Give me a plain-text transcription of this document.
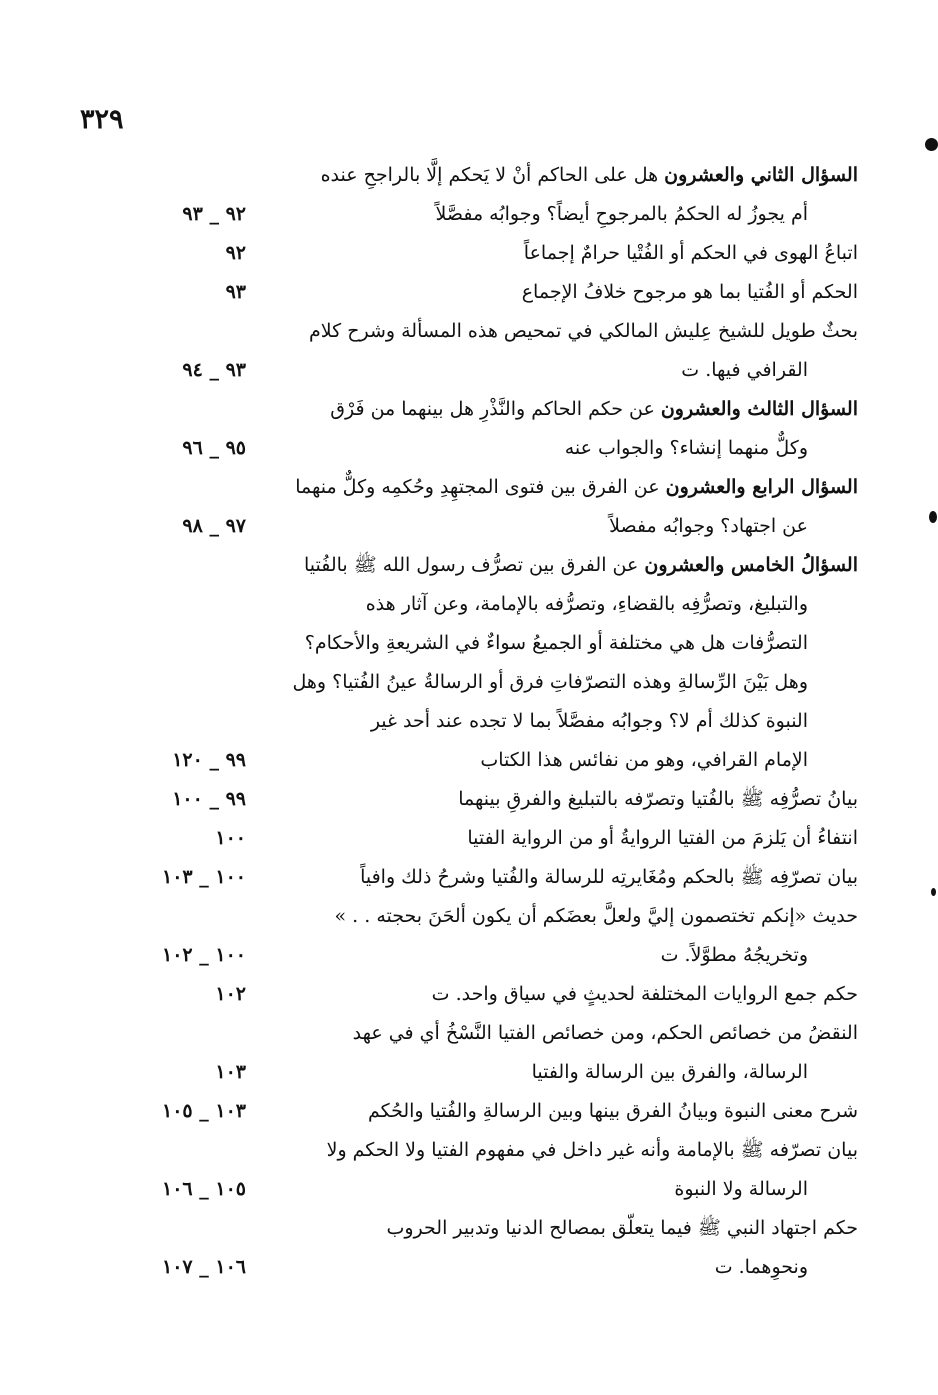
٣٢٩
السؤال الثاني والعشرون هل على الحاكم أنْ لا يَحكم إلَّا بالراجحِ عنده
أم يجوزُ له الحكمُ بالمرجوحِ أيضاً؟ وجوابُه مفصَّلاً
٩٢ _ ٩٣
اتباعُ الهوى في الحكم أو الفُتْيا حرامٌ إجماعاً
٩٢
الحكم أو الفُتيا بما هو مرجوح خلافُ الإجماع
٩٣
بحثٌ طويل للشيخ عِليش المالكي في تمحيص هذه المسألة وشرح كلام
القرافي فيها. ت
٩٣ _ ٩٤
السؤال الثالث والعشرون عن حكم الحاكم والنَّذْرِ هل بينهما من فَرْق
وكلٌّ منهما إنشاء؟ والجواب عنه
٩٥ _ ٩٦
السؤال الرابع والعشرون عن الفرق بين فتوى المجتهِدِ وحُكمِه وكلٌّ منهما
عن اجتهاد؟ وجوابُه مفصلاً
٩٧ _ ٩٨
السؤالُ الخامس والعشرون عن الفرق بين تصرُّف رسول الله ﷺ بالفُتيا
والتبليغ، وتصرُّفِه بالقضاءِ، وتصرُّفه بالإمامة، وعن آثار هذه
التصرُّفات هل هي مختلفة أو الجميعُ سواءٌ في الشريعةِ والأحكام؟
وهل بَيْنَ الرِّسالةِ وهذه التصرّفاتِ فرق أو الرسالةُ عينُ الفُتيا؟ وهل
النبوة كذلك أم لا؟ وجوابُه مفصَّلاً بما لا تجده عند أحد غير
الإمام القرافي، وهو من نفائس هذا الكتاب
٩٩ _ ١٢٠
بيانُ تصرُّفِه ﷺ بالفُتيا وتصرّفه بالتبليغ والفرقِ بينهما
٩٩ _ ١٠٠
انتفاءُ أن يَلزمَ من الفتيا الروايةُ أو من الرواية الفتيا
١٠٠
بيان تصرّفِه ﷺ بالحكم ومُغَايرتِه للرسالة والفُتيا وشرحُ ذلك وافياً
١٠٠ _ ١٠٣
حديث «إنكم تختصمون إليَّ ولعلَّ بعضَكم أن يكون ألحَنَ بحجته . . »
وتخريجُهُ مطوَّلاً. ت
١٠٠ _ ١٠٢
حكم جمع الروايات المختلفة لحديثٍ في سياق واحد. ت
١٠٢
النقضُ من خصائص الحكم، ومن خصائص الفتيا النَّسْخُ أي في عهد
الرسالة، والفرق بين الرسالة والفتيا
١٠٣
شرح معنى النبوة وبيانُ الفرق بينها وبين الرسالةِ والفُتيا والحُكم
١٠٣ _ ١٠٥
بيان تصرّفه ﷺ بالإمامة وأنه غير داخل في مفهوم الفتيا ولا الحكم ولا
الرسالة ولا النبوة
١٠٥ _ ١٠٦
حكم اجتهاد النبي ﷺ فيما يتعلّق بمصالح الدنيا وتدبير الحروب
ونحوِهما. ت
١٠٦ _ ١٠٧
